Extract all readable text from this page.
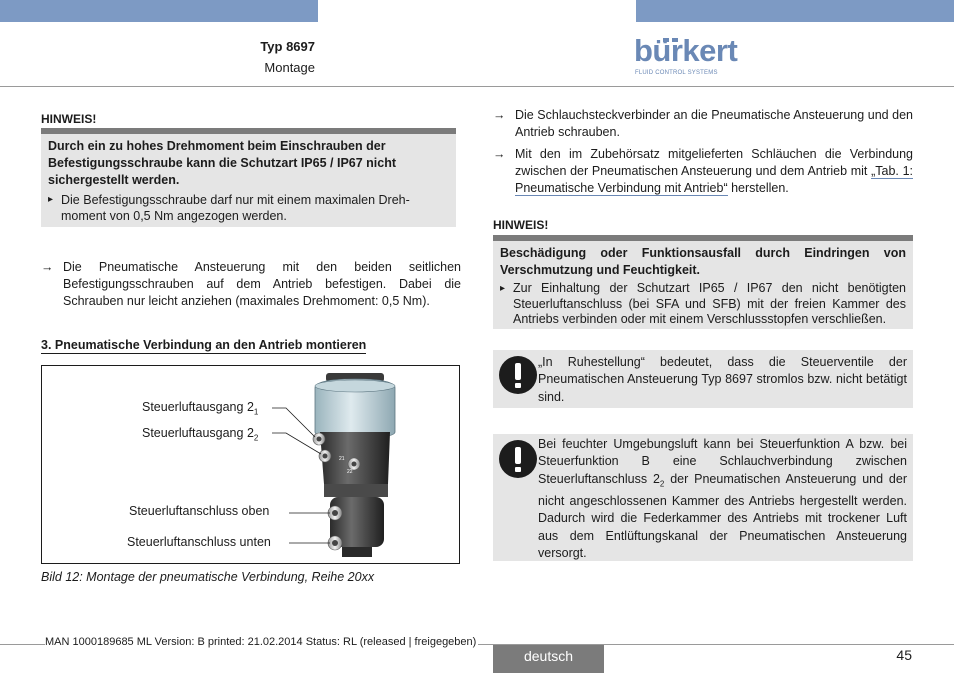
Typ 8697
Montage	bürkert
FLUID CONTROL SYSTEMS
HINWEIS!
Durch ein zu hohes Drehmoment beim Einschrauben der Befestigungsschraube kann die Schutzart IP65 / IP67 nicht sichergestellt werden.
▸ Die Befestigungsschraube darf nur mit einem maximalen Dreh-
moment von 0,5 Nm angezogen werden.
→ Die Pneumatische Ansteuerung mit den beiden seitlichen Befestigungsschrauben auf dem Antrieb befestigen. Dabei die Schrauben nur leicht anziehen (maximales Drehmoment: 0,5 Nm).
3. Pneumatische Verbindung an den Antrieb montieren
Steuerluftausgang $2_1$
Steuerluftausgang $2_2$
Steuerluftanschluss oben
Steuerluftanschluss unten
21
22
Bild 12: Montage der pneumatische Verbindung, Reihe 20xx
→ Die Schlauchsteckverbinder an die Pneumatische Ansteuerung und den Antrieb schrauben.
→ Mit den im Zubehörsatz mitgelieferten Schläuchen die Verbindung zwischen der Pneumatischen Ansteuerung und dem Antrieb mit „Tab. 1: Pneumatische Verbindung mit Antrieb“ herstellen.
HINWEIS!
Beschädigung oder Funktionsausfall durch Eindringen von Verschmutzung und Feuchtigkeit.
▸ Zur Einhaltung der Schutzart IP65 / IP67 den nicht benötigten Steuerluftanschluss (bei SFA und SFB) mit der freien Kammer des Antriebs verbinden oder mit einem Verschlussstopfen verschließen.
„In Ruhestellung“ bedeutet, dass die Steuerventile der Pneumatischen Ansteuerung Typ 8697 stromlos bzw. nicht betätigt sind.
Bei feuchter Umgebungsluft kann bei Steuerfunktion A bzw. bei Steuerfunktion B eine Schlauchverbindung zwischen Steuerluftanschluss $2_2$ der Pneumatischen Ansteuerung und der nicht angeschlossenen Kammer des Antriebs hergestellt werden. Dadurch wird die Federkammer des Antriebs mit trockener Luft aus dem Entlüftungskanal der Pneumatischen Ansteuerung versorgt.
MAN 1000189685 ML Version: B printed: 21.02.2014 Status: RL (released | freigegeben)
deutsch	45
